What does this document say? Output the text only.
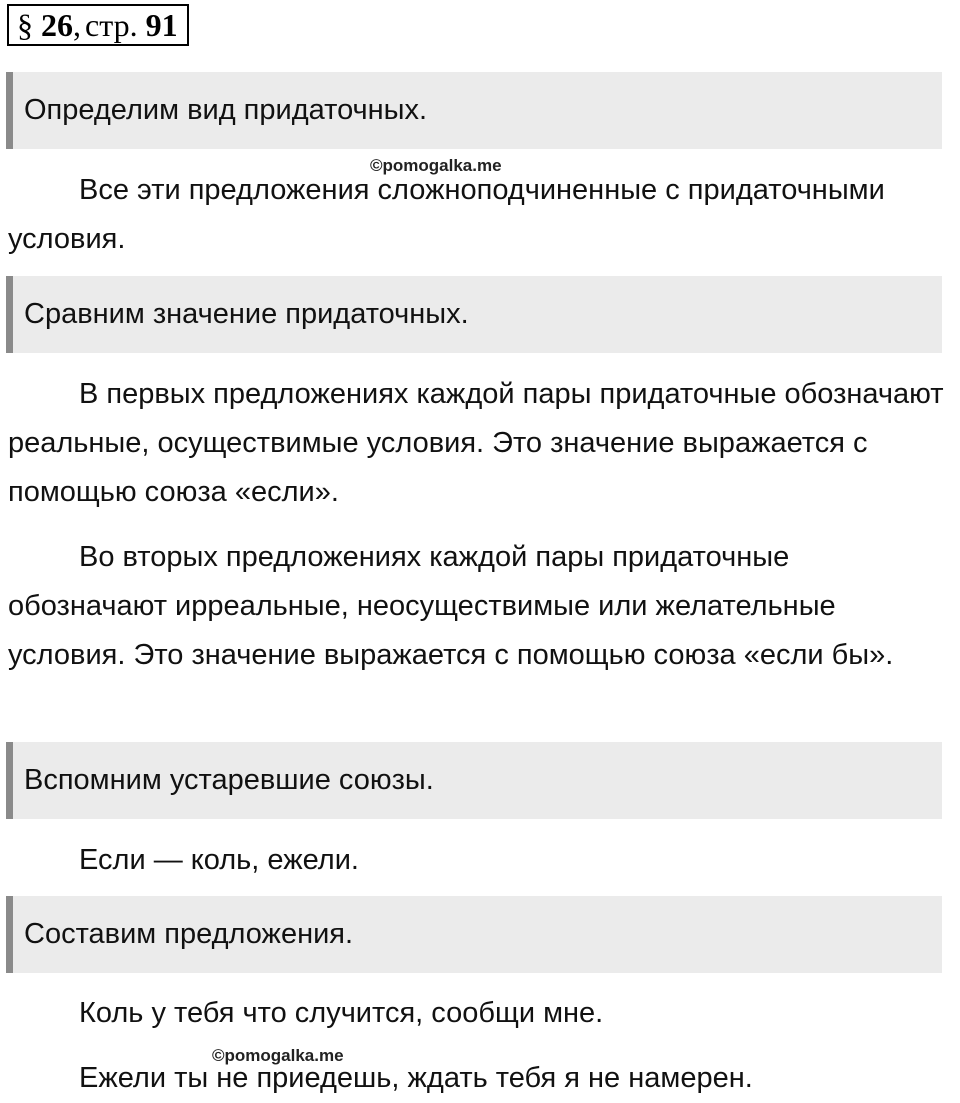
§
26 , стр.
91
Определим вид придаточных.
©pomogalka.me

Все эти предложения сложноподчиненные с придаточными условия.

Сравним значение придаточных.

В первых предложениях каждой пары придаточные обозначают реальные, осуществимые условия. Это значение выражается с помощью союза «если».

Во вторых предложениях каждой пары придаточные обозначают ирреальные, неосуществимые или желательные условия. Это значение выражается с помощью союза «если бы».

Вспомним устаревшие союзы.
Если — коль, ежели.
Составим предложения.
Коль у тебя что случится, сообщи мне.
©pomogalka.me
Ежели ты не приедешь, ждать тебя я не намерен.
